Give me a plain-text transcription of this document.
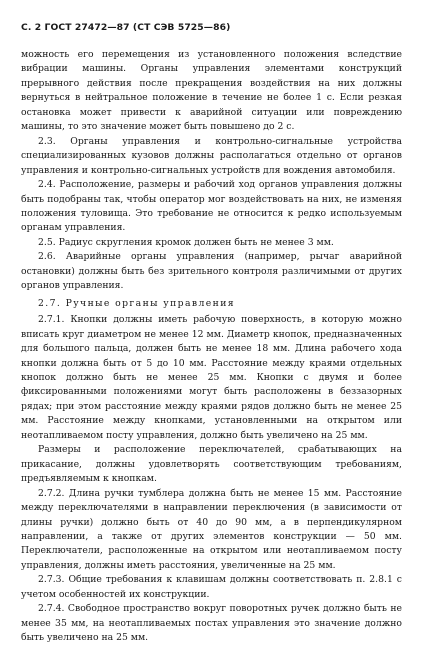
С. 2 ГОСТ 27472—87 (СТ СЭВ 5725—86)

можность его перемещения из установленного положения вследствие вибрации машины. Органы управления элементами конструкций прерывного действия после прекращения воздействия на них должны вернуться в нейтральное положение в течение не более 1 с. Если резкая остановка может привести к аварийной ситуации или повреждению машины, то это значение может быть повышено до 2 с.

2.3. Органы управления и контрольно-сигнальные устройства специализированных кузовов должны располагаться отдельно от органов управления и контрольно-сигнальных устройств для вождения автомобиля.

2.4. Расположение, размеры и рабочий ход органов управления должны быть подобраны так, чтобы оператор мог воздействовать на них, не изменяя положения туловища. Это требование не относится к редко используемым органам управления.

2.5. Радиус скругления кромок должен быть не менее 3 мм.

2.6. Аварийные органы управления (например, рычаг аварийной остановки) должны быть без зрительного контроля различимыми от других органов управления.

2.7. Ручные органы управления

2.7.1. Кнопки должны иметь рабочую поверхность, в которую можно вписать круг диаметром не менее 12 мм. Диаметр кнопок, предназначенных для большого пальца, должен быть не менее 18 мм. Длина рабочего хода кнопки должна быть от 5 до 10 мм. Расстояние между краями отдельных кнопок должно быть не менее 25 мм. Кнопки с двумя и более фиксированными положениями могут быть расположены в беззазорных рядах; при этом расстояние между краями рядов должно быть не менее 25 мм. Расстояние между кнопками, установленными на открытом или неотапливаемом посту управления, должно быть увеличено на 25 мм.

Размеры и расположение переключателей, срабатывающих на прикасание, должны удовлетворять соответствующим требованиям, предъявляемым к кнопкам.

2.7.2. Длина ручки тумблера должна быть не менее 15 мм. Расстояние между переключателями в направлении переключения (в зависимости от длины ручки) должно быть от 40 до 90 мм, а в перпендикулярном направлении, а также от других элементов конструкции — 50 мм. Переключатели, расположенные на открытом или неотапливаемом посту управления, должны иметь расстояния, увеличенные на 25 мм.

2.7.3. Общие требования к клавишам должны соответствовать п. 2.8.1 с учетом особенностей их конструкции.

2.7.4. Свободное пространство вокруг поворотных ручек должно быть не менее 35 мм, на неотапливаемых постах управления это значение должно быть увеличено на 25 мм.
